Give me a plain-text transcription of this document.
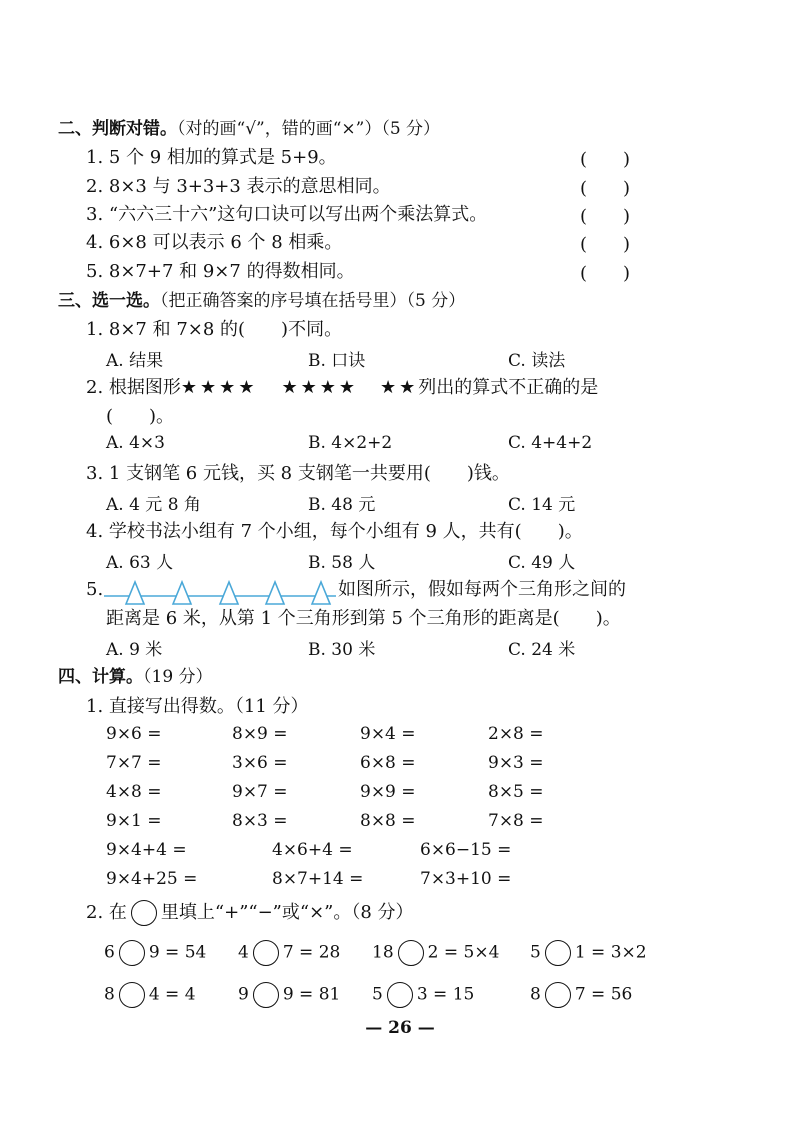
二、判断对错。（对的画“√”，错的画“×”）（5 分）
1. 5 个 9 相加的算式是 5+9。	(　　)
2. 8×3 与 3+3+3 表示的意思相同。	(　　)
3. “六六三十六”这句口诀可以写出两个乘法算式。	(　　)
4. 6×8 可以表示 6 个 8 相乘。	(　　)
5. 8×7+7 和 9×7 的得数相同。	(　　)
三、选一选。（把正确答案的序号填在括号里）（5 分）
1. 8×7 和 7×8 的(　　)不同。
A. 结果	B. 口诀	C. 读法
2. 根据图形★★★★ ★★★★ ★★列出的算式不正确的是
(　　)。
A. 4×3	B. 4×2+2	C. 4+4+2
3. 1 支钢笔 6 元钱，买 8 支钢笔一共要用(　　)钱。
A. 4 元 8 角	B. 48 元	C. 14 元
4. 学校书法小组有 7 个小组，每个小组有 9 人，共有(　　)。
A. 63 人	B. 58 人	C. 49 人
5.	如图所示，假如每两个三角形之间的
距离是 6 米，从第 1 个三角形到第 5 个三角形的距离是(　　)。
A. 9 米	B. 30 米	C. 24 米
四、计算。（19 分）
1. 直接写出得数。（11 分）
9×6 =	8×9 =	9×4 =	2×8 =
7×7 =	3×6 =	6×8 =	9×3 =
4×8 =	9×7 =	9×9 =	8×5 =
9×1 =	8×3 =	8×8 =	7×8 =
9×4+4 =	4×6+4 =	6×6−15 =
9×4+25 =	8×7+14 =	7×3+10 =
2. 在 里填上“+”“−”或“×”。（8 分）
6 9 = 54 4 7 = 28 18 2 = 5×4 5 1 = 3×2
8 4 = 4 9 9 = 81 5 3 = 15	8 7 = 56
— 26 —
